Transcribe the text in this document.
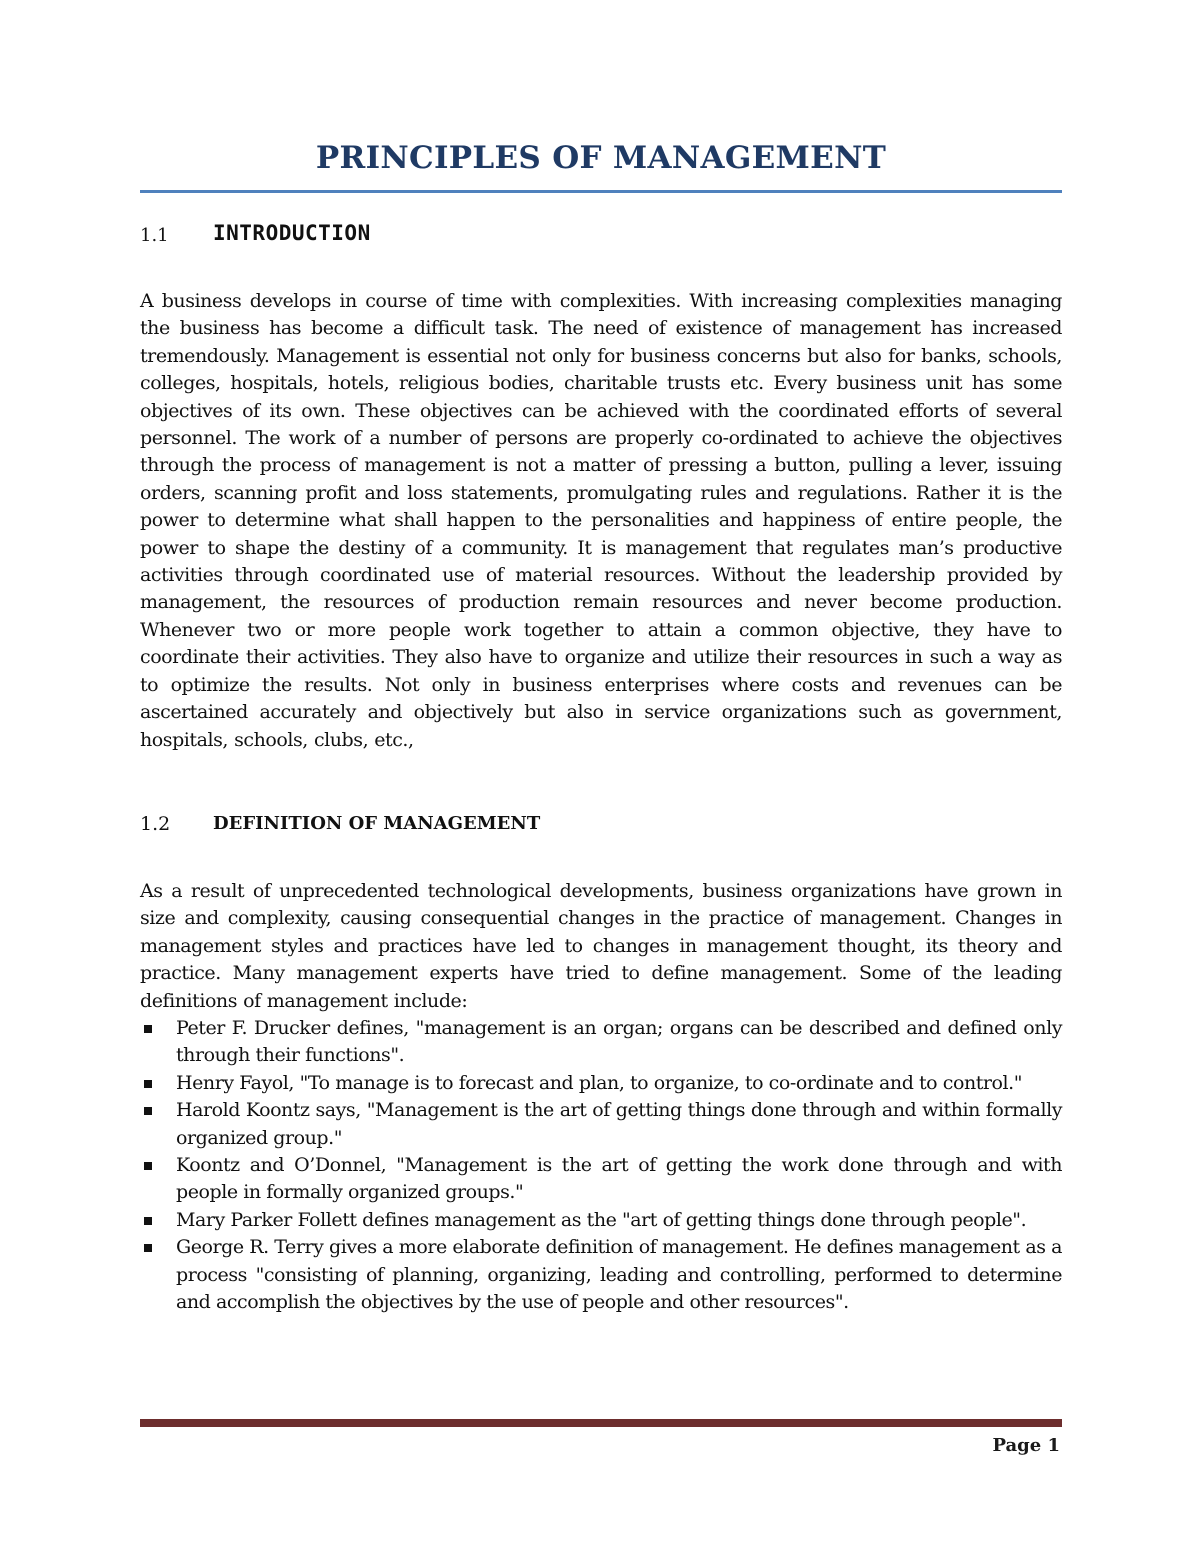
PRINCIPLES OF MANAGEMENT
1.1 INTRODUCTION

A business develops in course of time with complexities. With increasing complexities managing the business has become a difficult task. The need of existence of management has increased tremendously. Management is essential not only for business concerns but also for banks, schools, colleges, hospitals, hotels, religious bodies, charitable trusts etc. Every business unit has some objectives of its own. These objectives can be achieved with the coordinated efforts of several personnel. The work of a number of persons are properly co-ordinated to achieve the objectives through the process of management is not a matter of pressing a button, pulling a lever, issuing orders, scanning profit and loss statements, promulgating rules and regulations. Rather it is the power to determine what shall happen to the personalities and happiness of entire people, the power to shape the destiny of a community. It is management that regulates man’s productive activities through coordinated use of material resources. Without the leadership provided by management, the resources of production remain resources and never become production. Whenever two or more people work together to attain a common objective, they have to coordinate their activities. They also have to organize and utilize their resources in such a way as to optimize the results. Not only in business enterprises where costs and revenues can be ascertained accurately and objectively but also in service organizations such as government, hospitals, schools, clubs, etc.,

1.2 DEFINITION OF MANAGEMENT

As a result of unprecedented technological developments, business organizations have grown in size and complexity, causing consequential changes in the practice of management. Changes in management styles and practices have led to changes in management thought, its theory and practice. Many management experts have tried to define management. Some of the leading definitions of management include:

Peter F. Drucker defines, "management is an organ; organs can be described and defined only through their functions".
Henry Fayol, "To manage is to forecast and plan, to organize, to co-ordinate and to control."
Harold Koontz says, "Management is the art of getting things done through and within formally organized group."
Koontz and O’Donnel, "Management is the art of getting the work done through and with people in formally organized groups."
Mary Parker Follett defines management as the "art of getting things done through people".
George R. Terry gives a more elaborate definition of management. He defines management as a process "consisting of planning, organizing, leading and controlling, performed to determine and accomplish the objectives by the use of people and other resources".
Page 1
